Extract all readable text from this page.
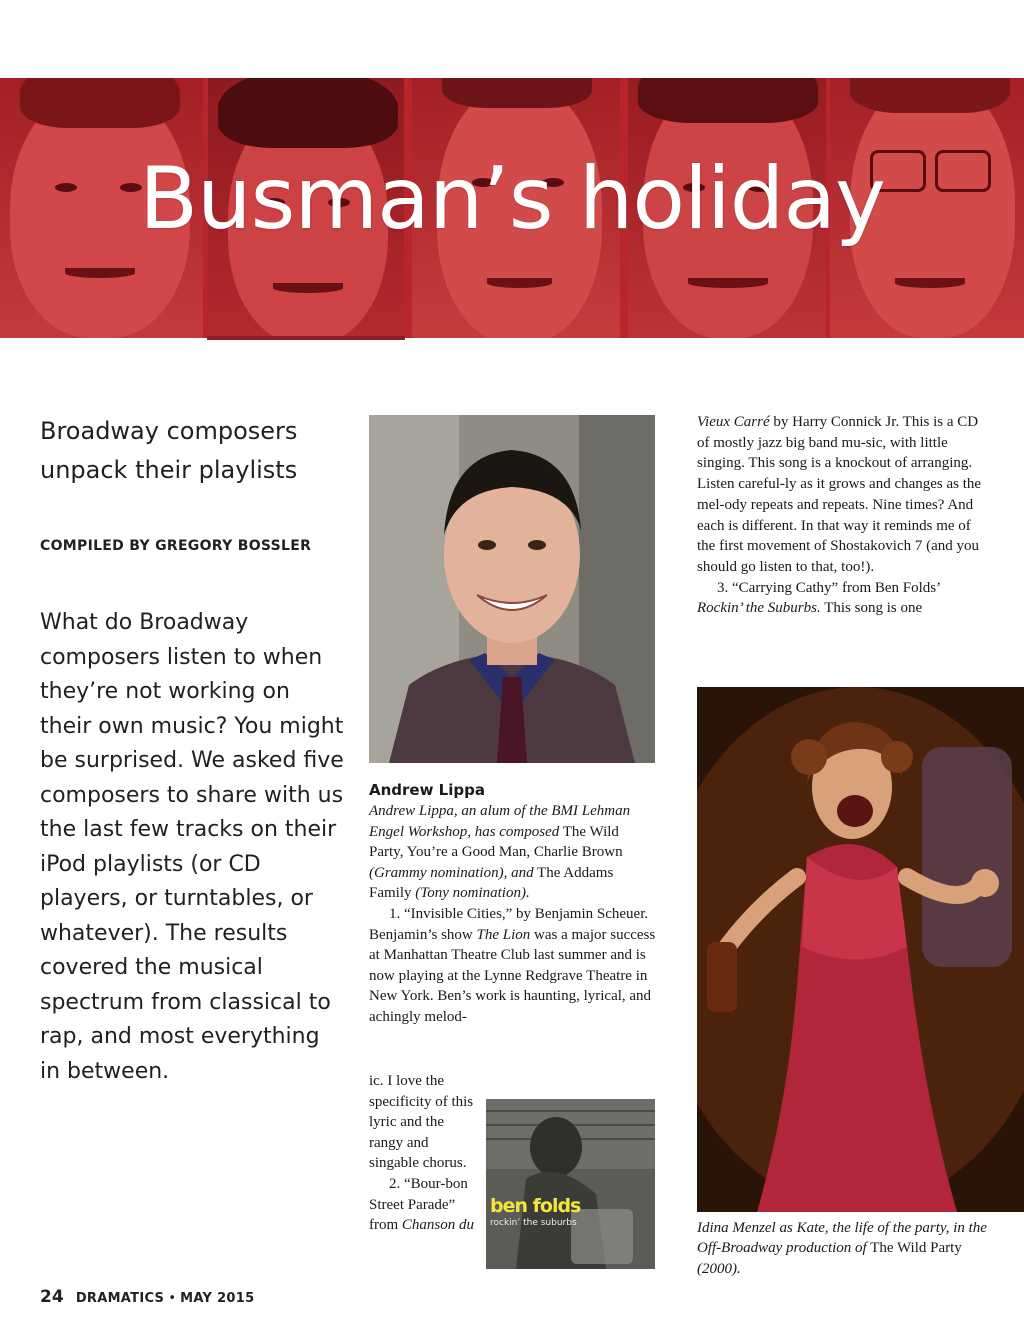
Busman’s holiday
Broadway composers unpack their playlists
COMPILED BY GREGORY BOSSLER
What do Broadway composers listen to when they’re not working on their own music? You might be surprised. We asked five composers to share with us the last few tracks on their iPod playlists (or CD players, or turntables, or whatever). The results covered the musical spectrum from classical to rap, and most everything in between.
Andrew Lippa

Andrew Lippa, an alum of the BMI Lehman Engel Workshop, has composed The Wild Party, You’re a Good Man, Charlie Brown (Grammy nomination), and The Addams Family (Tony nomination).

1. “Invisible Cities,” by Benjamin Scheuer. Benjamin’s show The Lion was a major success at Manhattan Theatre Club last summer and is now playing at the Lynne Redgrave Theatre in New York. Ben’s work is haunting, lyrical, and achingly melod-

ic. I love the specificity of this lyric and the rangy and singable chorus.

2. “Bour-bon Street Parade” from Chanson du

ben folds
rockin’ the suburbs

Vieux Carré by Harry Connick Jr. This is a CD of mostly jazz big band mu-sic, with little singing. This song is a knockout of arranging. Listen careful-ly as it grows and changes as the mel-ody repeats and repeats. Nine times? And each is different. In that way it reminds me of the first movement of Shostakovich 7 (and you should go listen to that, too!).

3. “Carrying Cathy” from Ben Folds’ Rockin’ the Suburbs. This song is one

Idina Menzel as Kate, the life of the party, in the Off-Broadway production of The Wild Party (2000).
24 DRAMATICS • MAY 2015
